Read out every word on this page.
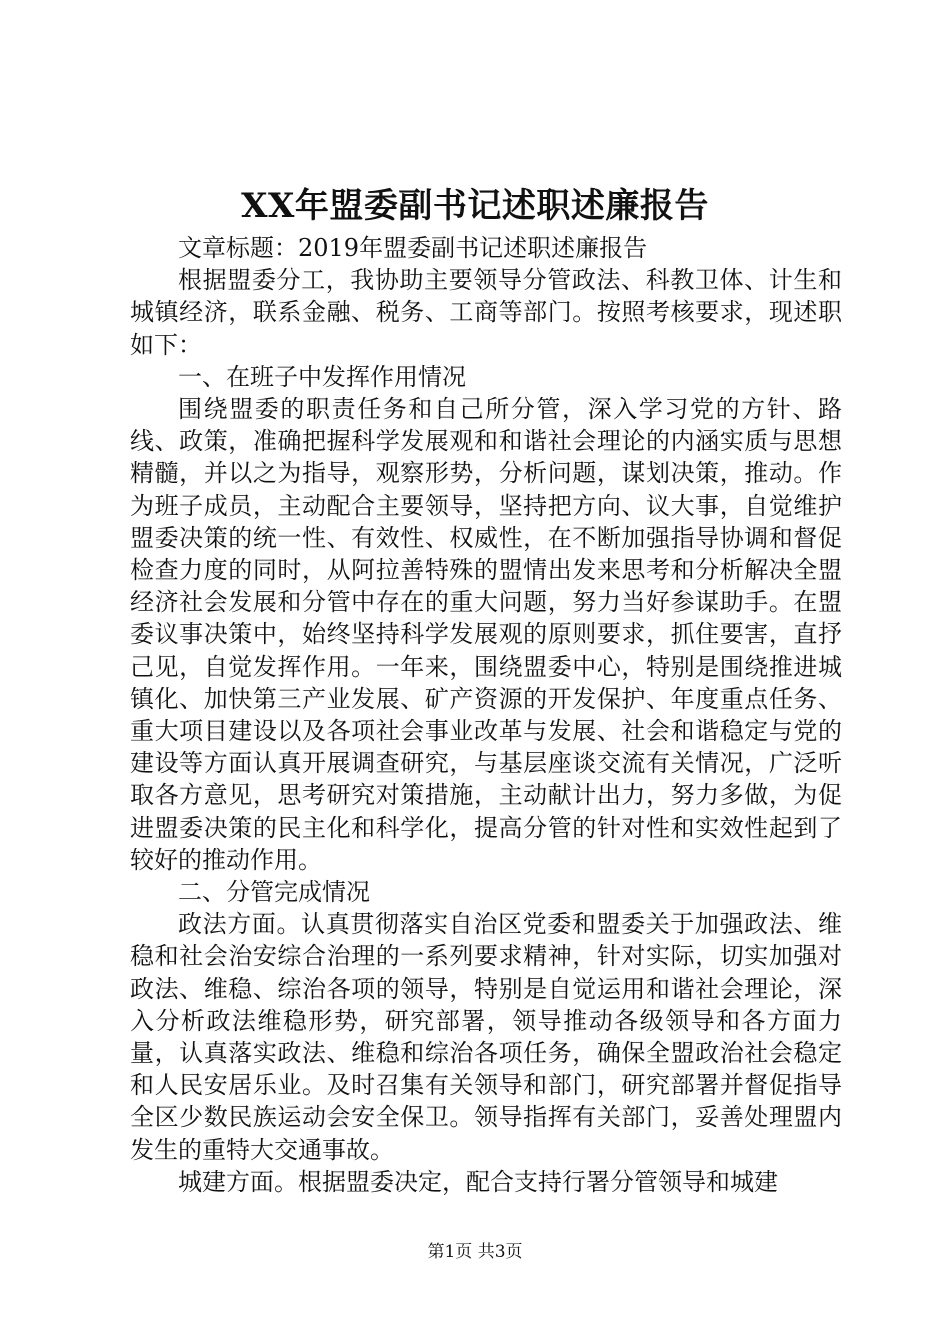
XX年盟委副书记述职述廉报告

文章标题：2019年盟委副书记述职述廉报告

根据盟委分工，我协助主要领导分管政法、科教卫体、计生和城镇经济，联系金融、税务、工商等部门。按照考核要求，现述职如下：

一、在班子中发挥作用情况

围绕盟委的职责任务和自己所分管，深入学习党的方针、路线、政策，准确把握科学发展观和和谐社会理论的内涵实质与思想精髓，并以之为指导，观察形势，分析问题，谋划决策，推动。作为班子成员，主动配合主要领导，坚持把方向、议大事，自觉维护盟委决策的统一性、有效性、权威性，在不断加强指导协调和督促检查力度的同时，从阿拉善特殊的盟情出发来思考和分析解决全盟经济社会发展和分管中存在的重大问题，努力当好参谋助手。在盟委议事决策中，始终坚持科学发展观的原则要求，抓住要害，直抒己见，自觉发挥作用。一年来，围绕盟委中心，特别是围绕推进城镇化、加快第三产业发展、矿产资源的开发保护、年度重点任务、重大项目建设以及各项社会事业改革与发展、社会和谐稳定与党的建设等方面认真开展调查研究，与基层座谈交流有关情况，广泛听取各方意见，思考研究对策措施，主动献计出力，努力多做，为促进盟委决策的民主化和科学化，提高分管的针对性和实效性起到了较好的推动作用。

二、分管完成情况

政法方面。认真贯彻落实自治区党委和盟委关于加强政法、维稳和社会治安综合治理的一系列要求精神，针对实际，切实加强对政法、维稳、综治各项的领导，特别是自觉运用和谐社会理论，深入分析政法维稳形势，研究部署，领导推动各级领导和各方面力量，认真落实政法、维稳和综治各项任务，确保全盟政治社会稳定和人民安居乐业。及时召集有关领导和部门，研究部署并督促指导全区少数民族运动会安全保卫。领导指挥有关部门，妥善处理盟内发生的重特大交通事故。

城建方面。根据盟委决定，配合支持行署分管领导和城建

第1页 共3页
